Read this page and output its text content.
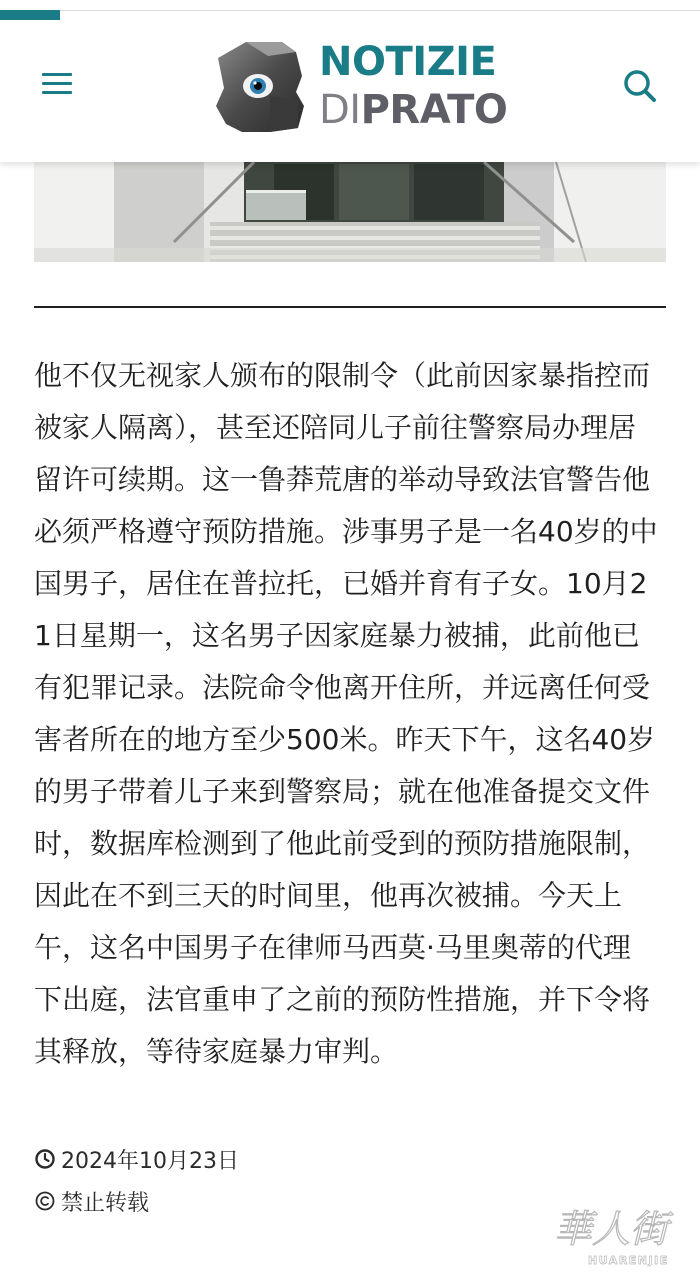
NOTIZIE
DIPRATO

他不仅无视家人颁布的限制令（此前因家暴指控而被家人隔离），甚至还陪同儿子前往警察局办理居留许可续期。这一鲁莽荒唐的举动导致法官警告他必须严格遵守预防措施。涉事男子是一名40岁的中国男子，居住在普拉托，已婚并育有子女。10月21日星期一，这名男子因家庭暴力被捕，此前他已有犯罪记录。法院命令他离开住所，并远离任何受害者所在的地方至少500米。昨天下午，这名40岁的男子带着儿子来到警察局；就在他准备提交文件时，数据库检测到了他此前受到的预防措施限制，因此在不到三天的时间里，他再次被捕。今天上午，这名中国男子在律师马西莫·马里奥蒂的代理下出庭，法官重申了之前的预防性措施，并下令将其释放，等待家庭暴力审判。

2024年10月23日
禁止转载
華人街
HUARENJIE
